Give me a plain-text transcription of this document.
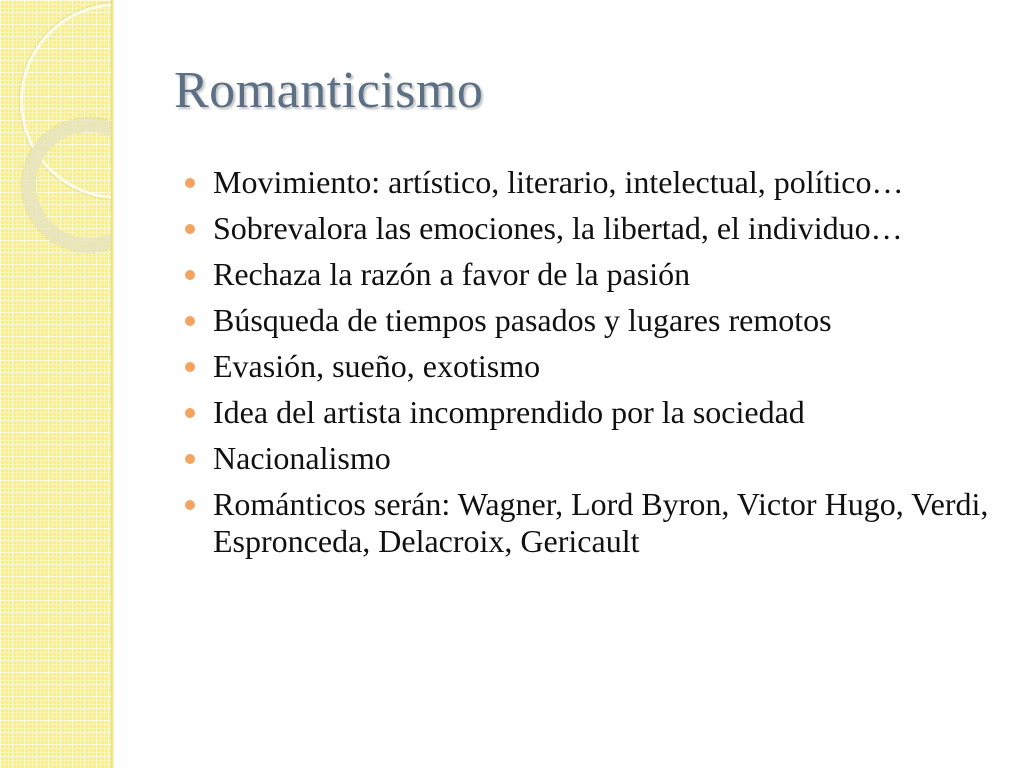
Romanticismo
Movimiento: artístico, literario, intelectual, político…
Sobrevalora las emociones, la libertad, el individuo…
Rechaza la razón a favor de la pasión
Búsqueda de tiempos pasados y lugares remotos
Evasión, sueño, exotismo
Idea del artista incomprendido por la sociedad
Nacionalismo
Románticos serán: Wagner, Lord Byron, Victor Hugo, Verdi, Espronceda, Delacroix, Gericault
